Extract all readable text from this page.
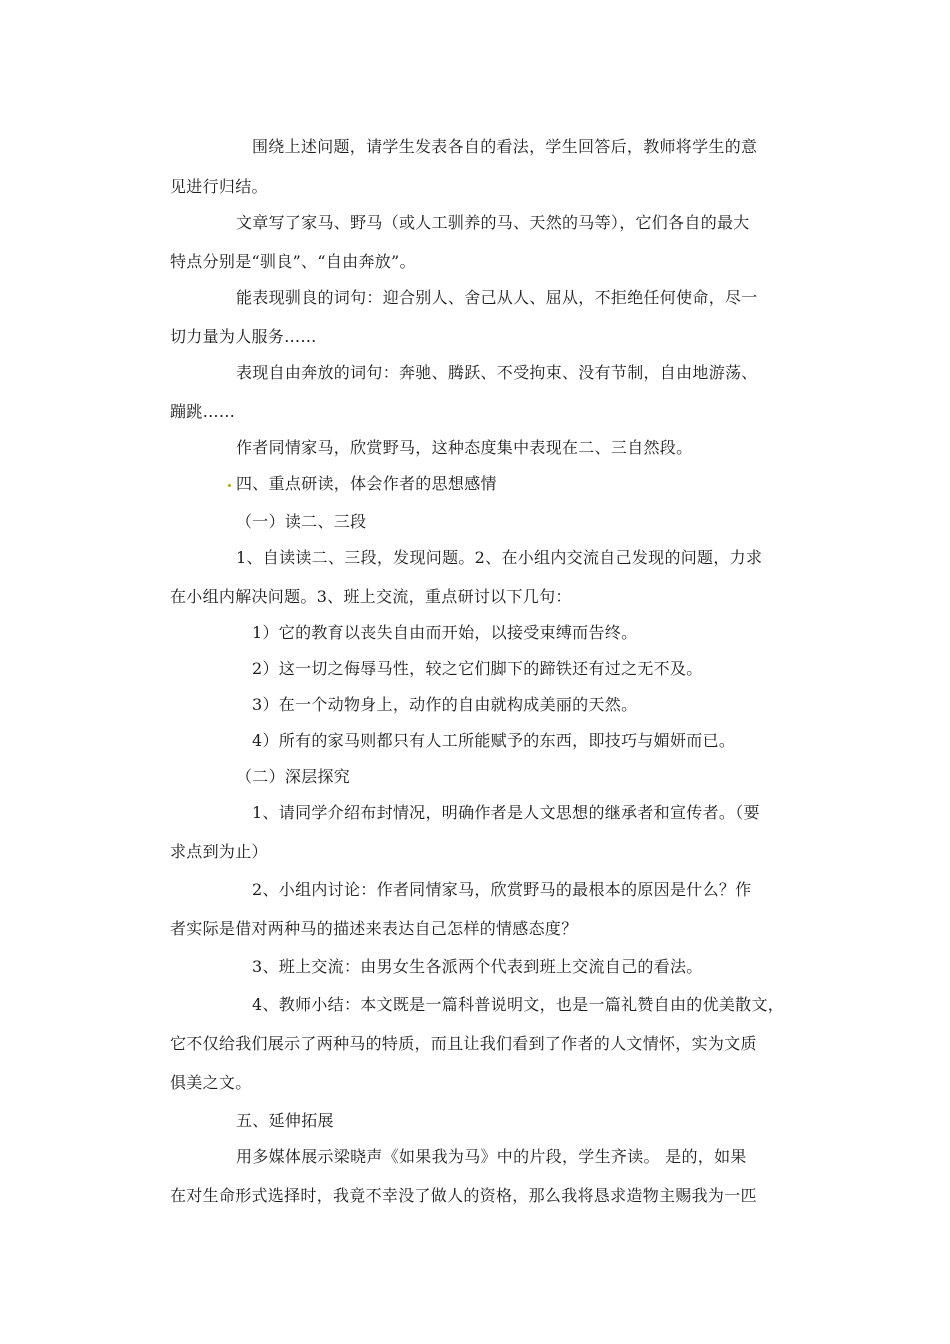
围绕上述问题，请学生发表各自的看法，学生回答后，教师将学生的意
见进行归结。
文章写了家马、野马（或人工驯养的马、天然的马等），它们各自的最大
特点分别是“驯良”、“自由奔放”。
能表现驯良的词句：迎合别人、舍己从人、屈从，不拒绝任何使命，尽一
切力量为人服务……
表现自由奔放的词句：奔驰、腾跃、不受拘束、没有节制，自由地游荡、
蹦跳……
作者同情家马，欣赏野马，这种态度集中表现在二、三自然段。
四、重点研读，体会作者的思想感情
（一）读二、三段
1、自读读二、三段，发现问题。2、在小组内交流自己发现的问题，力求
在小组内解决问题。3、班上交流，重点研讨以下几句：
1）它的教育以丧失自由而开始，以接受束缚而告终。
2）这一切之侮辱马性，较之它们脚下的蹄铁还有过之无不及。
3）在一个动物身上，动作的自由就构成美丽的天然。
4）所有的家马则都只有人工所能赋予的东西，即技巧与媚妍而已。
（二）深层探究
1、请同学介绍布封情况，明确作者是人文思想的继承者和宣传者。（要
求点到为止）
2、小组内讨论：作者同情家马，欣赏野马的最根本的原因是什么？作
者实际是借对两种马的描述来表达自己怎样的情感态度？
3、班上交流：由男女生各派两个代表到班上交流自己的看法。
4、教师小结：本文既是一篇科普说明文，也是一篇礼赞自由的优美散文，
它不仅给我们展示了两种马的特质，而且让我们看到了作者的人文情怀，实为文质
俱美之文。
五、延伸拓展
用多媒体展示梁晓声《如果我为马》中的片段，学生齐读。 是的，如果
在对生命形式选择时，我竟不幸没了做人的资格，那么我将恳求造物主赐我为一匹
